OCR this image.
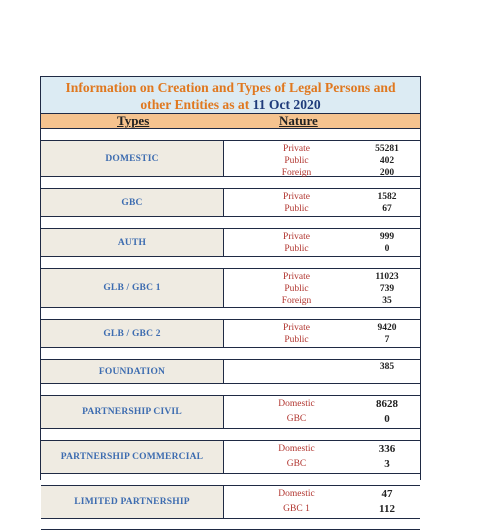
Information on Creation and Types of Legal Persons and
other Entities as at 11 Oct 2020
Types	Nature
DOMESTIC
Private	55281
Public	402
Foreign	200
GBC
Private	1582
Public	67
AUTH
Private	999
Public	0
GLB / GBC 1
Private	11023
Public	739
Foreign	35
GLB / GBC 2
Private	9420
Public	7
FOUNDATION	385
PARTNERSHIP CIVIL
Domestic	8628
GBC	0
PARTNERSHIP COMMERCIAL
Domestic	336
GBC	3
LIMITED PARTNERSHIP
Domestic	47
GBC 1	112
